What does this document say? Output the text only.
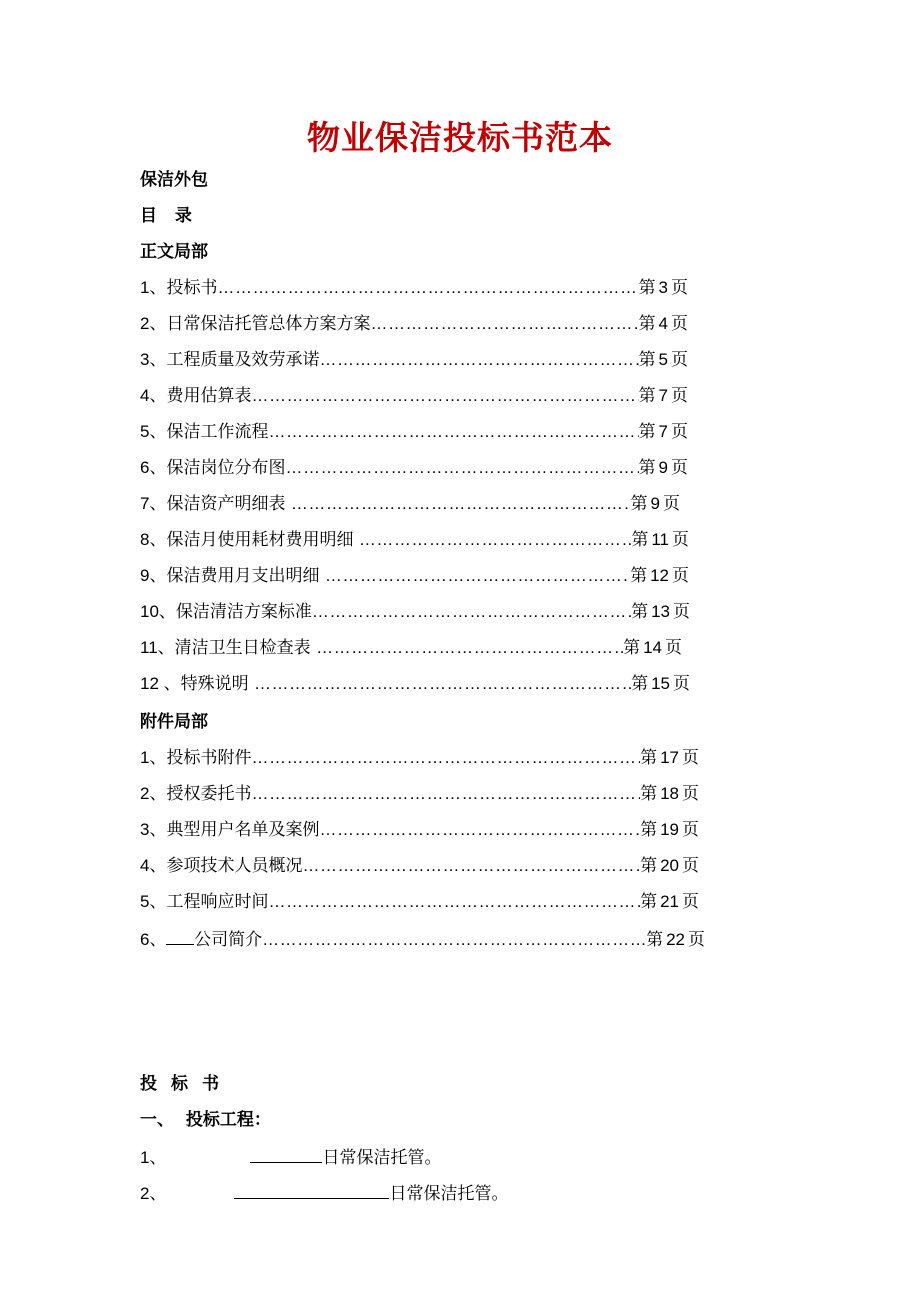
物业保洁投标书范本
保洁外包
目 录
正文局部
1、 投标书 …………………………………………………………………………………………………………………………	第 3 页
2、 日常保洁托管总体方案方案 …………………………………………………………………………………………………………………………	第 4 页
3、 工程质量及效劳承诺 …………………………………………………………………………………………………………………………	第 5 页
4、 费用估算表 …………………………………………………………………………………………………………………………	第 7 页
5、 保洁工作流程 …………………………………………………………………………………………………………………………	第 7 页
6、 保洁岗位分布图 …………………………………………………………………………………………………………………………	第 9 页
7、 保洁资产明细表 …………………………………………………………………………………………………………………………	第 9 页
8、 保洁月使用耗材费用明细 …………………………………………………………………………………………………………………………	第 11 页
9、 保洁费用月支出明细 …………………………………………………………………………………………………………………………	第 12 页
10、 保洁清洁方案标准 …………………………………………………………………………………………………………………………	第 13 页
11、 清洁卫生日检查表 …………………………………………………………………………………………………………………………	第 14 页
12 、 特殊说明 …………………………………………………………………………………………………………………………	第 15 页
附件局部
1、 投标书附件 …………………………………………………………………………………………………………………………	第 17 页
2、 授权委托书 …………………………………………………………………………………………………………………………	第 18 页
3、 典型用户名单及案例 …………………………………………………………………………………………………………………………	第 19 页
4、 参项技术人员概况 …………………………………………………………………………………………………………………………	第 20 页
5、 工程响应时间 …………………………………………………………………………………………………………………………	第 21 页
6、 公司简介 …………………………………………………………………………………………………………………………	第 22 页
投标书
一、  投标工程：
1、	日常保洁托管。
2、	日常保洁托管。
